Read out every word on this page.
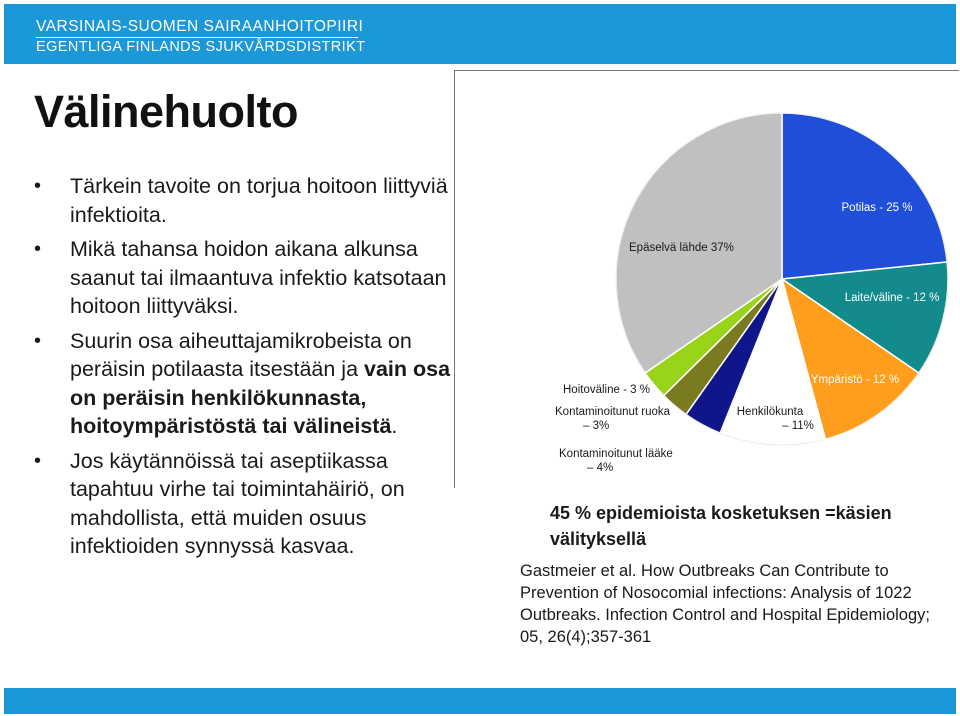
VARSINAIS-SUOMEN SAIRAANHOITOPIIRI
EGENTLIGA FINLANDS SJUKVÅRDSDISTRIKT
Välinehuolto
• Tärkein tavoite on torjua hoitoon liittyviä infektioita.
• Mikä tahansa hoidon aikana alkunsa saanut tai ilmaantuva infektio katsotaan hoitoon liittyväksi.
• Suurin osa aiheuttajamikrobeista on peräisin potilaasta itsestään ja vain osa on peräisin henkilökunnasta, hoitoympäristöstä tai välineistä.
• Jos käytännöissä tai aseptiikassa tapahtuu virhe tai toimintahäiriö, on mahdollista, että muiden osuus infektioiden synnyssä kasvaa.
Potilas - 25 %
Laite/väline - 12 %
Ympäristö - 12 %
Henkilökunta – 11%
Kontaminoitunut lääke – 4%
Kontaminoitunut ruoka – 3%
Hoitoväline - 3 %
Epäselvä lähde 37%
45 % epidemioista kosketuksen =käsien välityksellä
Gastmeier et al. How Outbreaks Can Contribute to Prevention of Nosocomial infections: Analysis of 1022 Outbreaks. Infection Control and Hospital Epidemiology; 05, 26(4);357-361
